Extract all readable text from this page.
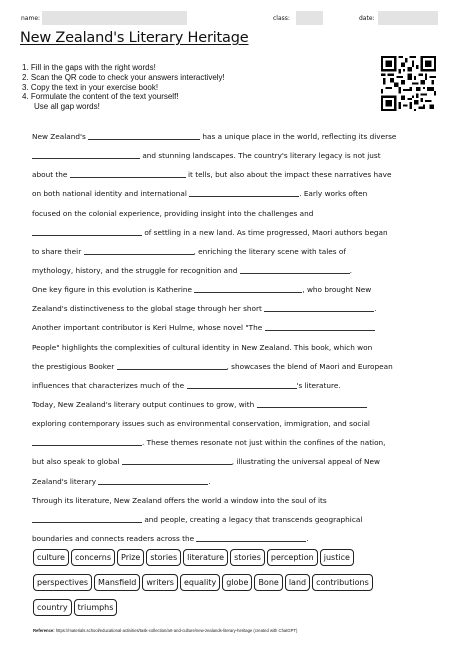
name:	class:	date:
New Zealand's Literary Heritage
1. Fill in the gaps with the right words!
2. Scan the QR code to check your answers interactively!
3. Copy the text in your exercise book!
4. Formulate the content of the text yourself!
Use all gap words!
New Zealand's	has a unique place in the world, reflecting its diverse
and stunning landscapes. The country's literary legacy is not just
about the	it tells, but also about the impact these narratives have
on both national identity and international	. Early works often
focused on the colonial experience, providing insight into the challenges and
of settling in a new land. As time progressed, Maori authors began
to share their	, enriching the literary scene with tales of
mythology, history, and the struggle for recognition and	.
One key figure in this evolution is Katherine	, who brought New
Zealand's distinctiveness to the global stage through her short	.
Another important contributor is Keri Hulme, whose novel "The
People" highlights the complexities of cultural identity in New Zealand. This book, which won
the prestigious Booker	, showcases the blend of Maori and European
influences that characterizes much of the	's literature.
Today, New Zealand's literary output continues to grow, with
exploring contemporary issues such as environmental conservation, immigration, and social
. These themes resonate not just within the confines of the nation,
but also speak to global	, illustrating the universal appeal of New
Zealand's literary	.
Through its literature, New Zealand offers the world a window into the soul of its
and people, creating a legacy that transcends geographical
boundaries and connects readers across the	.
culture concerns Prize stories literature stories perception justice
perspectives Mansfield writers equality globe Bone land contributions
country triumphs
Reference: https://materials.school/educational-activities/task-collection/art-and-culture/new-zealands-literary-heritage (created with ChatGPT)
